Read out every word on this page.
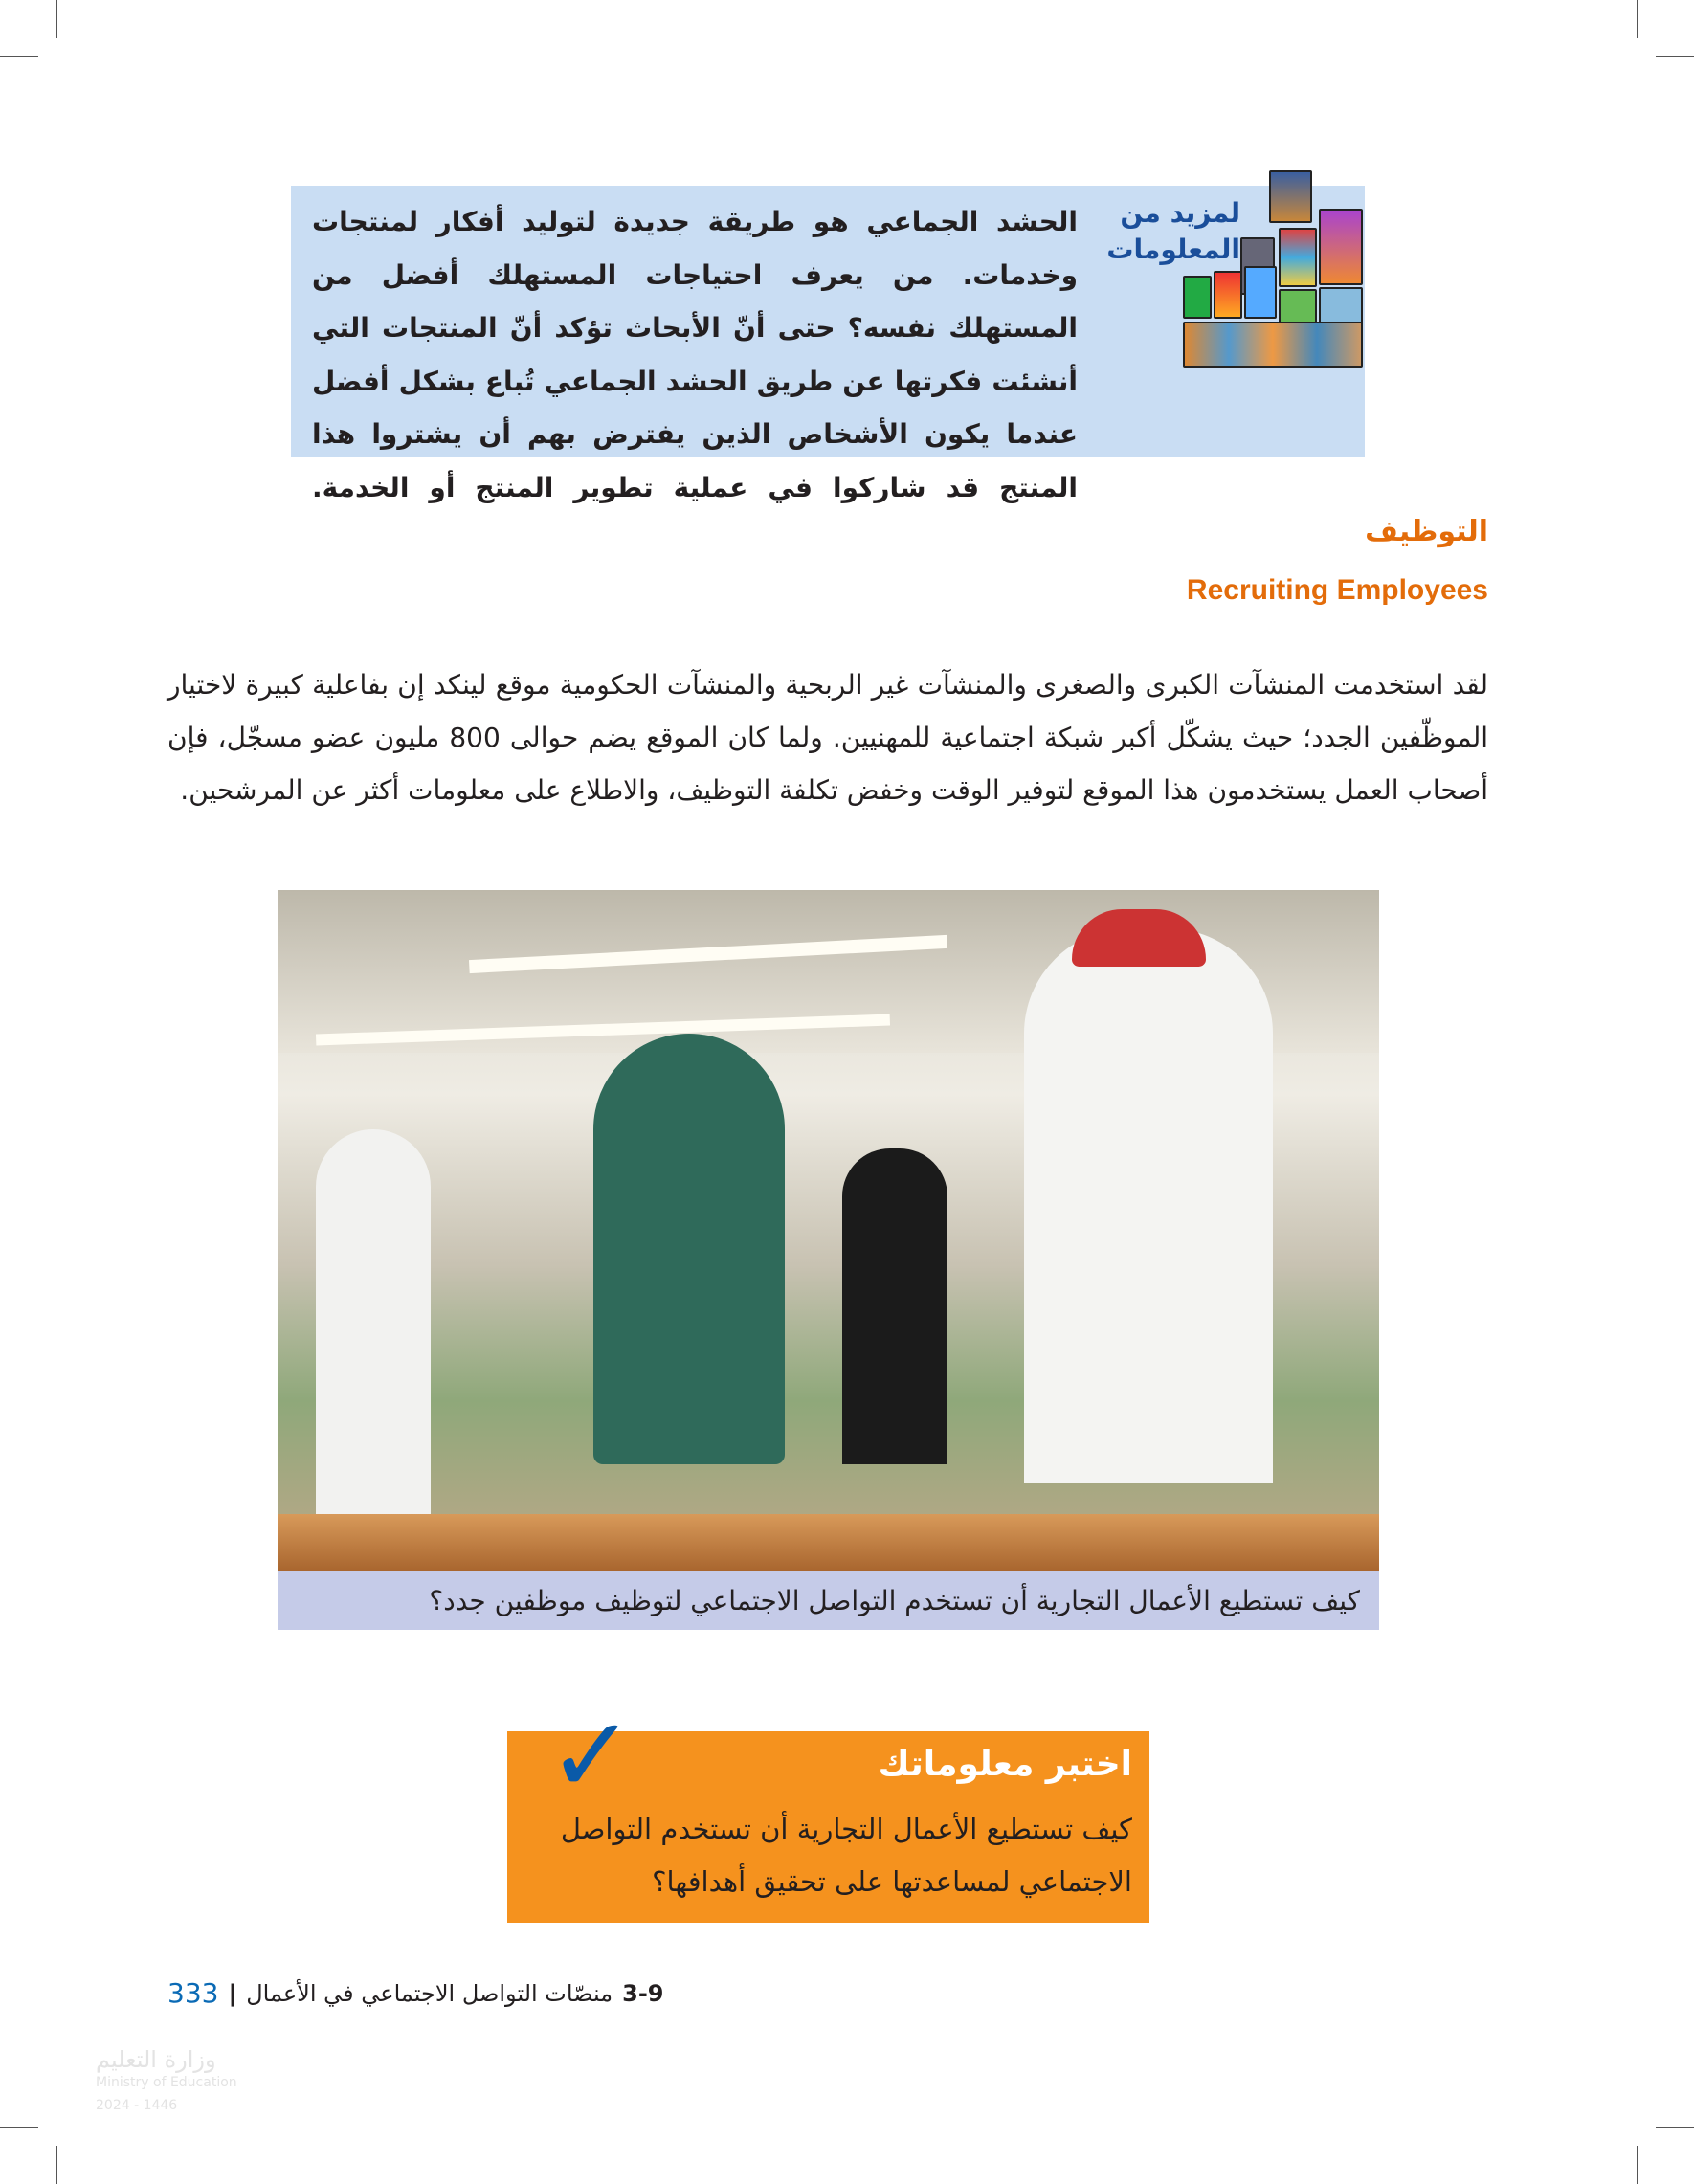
لمزيد من المعلومات
الحشد الجماعي هو طريقة جديدة لتوليد أفكار لمنتجات وخدمات. من يعرف احتياجات المستهلك أفضل من المستهلك نفسه؟ حتى أنّ الأبحاث تؤكد أنّ المنتجات التي أنشئت فكرتها عن طريق الحشد الجماعي تُباع بشكل أفضل عندما يكون الأشخاص الذين يفترض بهم أن يشتروا هذا المنتج قد شاركوا في عملية تطوير المنتج أو الخدمة.
التوظيف
Recruiting Employees
لقد استخدمت المنشآت الكبرى والصغرى والمنشآت غير الربحية والمنشآت الحكومية موقع لينكد إن بفاعلية كبيرة لاختيار الموظّفين الجدد؛ حيث يشكّل أكبر شبكة اجتماعية للمهنيين. ولما كان الموقع يضم حوالى 800 مليون عضو مسجّل، فإن أصحاب العمل يستخدمون هذا الموقع لتوفير الوقت وخفض تكلفة التوظيف، والاطلاع على معلومات أكثر عن المرشحين.
كيف تستطيع الأعمال التجارية أن تستخدم التواصل الاجتماعي لتوظيف موظفين جدد؟
✓	اختبر معلوماتك
كيف تستطيع الأعمال التجارية أن تستخدم التواصل الاجتماعي لمساعدتها على تحقيق أهدافها؟
333 | منصّات التواصل الاجتماعي في الأعمال 3-9
وزارة التعليم
Ministry of Education
2024 - 1446
